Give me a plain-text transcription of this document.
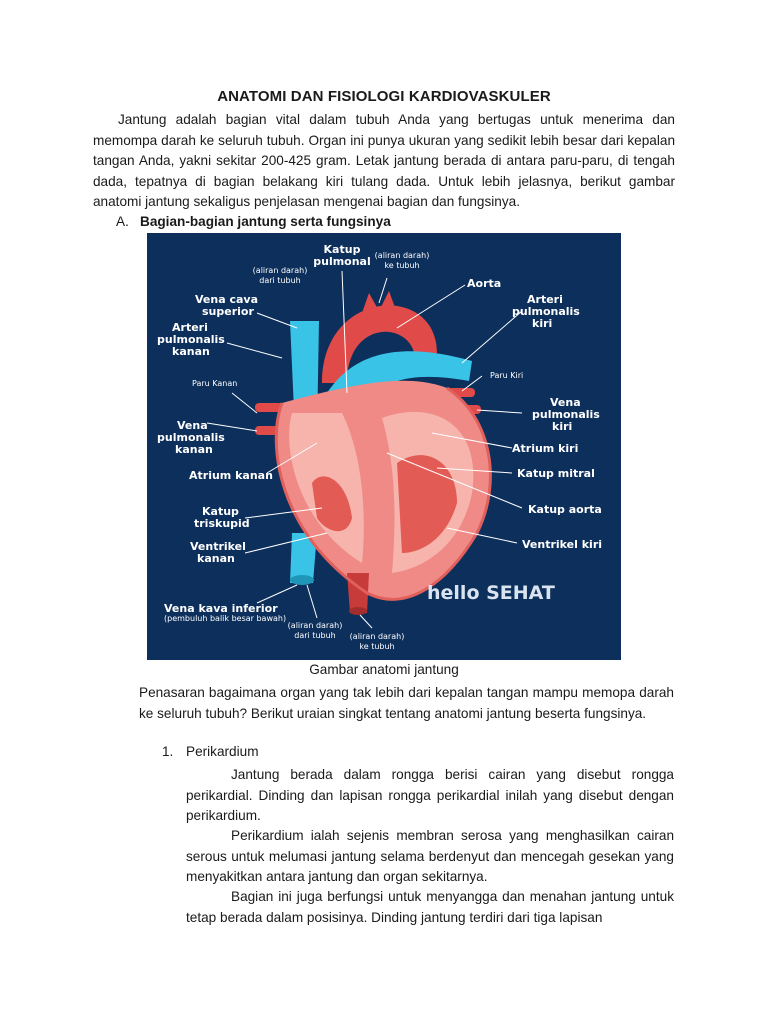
ANATOMI DAN FISIOLOGI KARDIOVASKULER
Jantung adalah bagian vital dalam tubuh Anda yang bertugas untuk menerima dan memompa darah ke seluruh tubuh. Organ ini punya ukuran yang sedikit lebih besar dari kepalan tangan Anda, yakni sekitar 200-425 gram. Letak jantung berada di antara paru-paru, di tengah dada, tepatnya di bagian belakang kiri tulang dada. Untuk lebih jelasnya, berikut gambar anatomi jantung sekaligus penjelasan mengenai bagian dan fungsinya.
A. Bagian-bagian jantung serta fungsinya
Katup
pulmonal (aliran darah)
ke tubuh
(aliran darah)
dari tubuh	Aorta
Vena cava
superior
Arteri
pulmonalis
kiri
Arteri
pulmonalis
kanan
Paru Kiri
Paru Kanan
Vena
pulmonalis
kiri
Vena
pulmonalis
kanan	Atrium kiri
Atrium kanan	Katup mitral
Katup
triskupid
Katup aorta
Ventrikel
kanan
Ventrikel kiri
hello SEHAT
Vena kava inferior
(pembuluh balik besar bawah)
(aliran darah)
dari tubuh (aliran darah)
ke tubuh
Gambar anatomi jantung
Penasaran bagaimana organ yang tak lebih dari kepalan tangan mampu memopa darah ke seluruh tubuh? Berikut uraian singkat tentang anatomi jantung beserta fungsinya.
1. Perikardium
Jantung berada dalam rongga berisi cairan yang disebut rongga perikardial. Dinding dan lapisan rongga perikardial inilah yang disebut dengan perikardium.
Perikardium ialah sejenis membran serosa yang menghasilkan cairan serous untuk melumasi jantung selama berdenyut dan mencegah gesekan yang menyakitkan antara jantung dan organ sekitarnya.
Bagian ini juga berfungsi untuk menyangga dan menahan jantung untuk tetap berada dalam posisinya. Dinding jantung terdiri dari tiga lapisan
